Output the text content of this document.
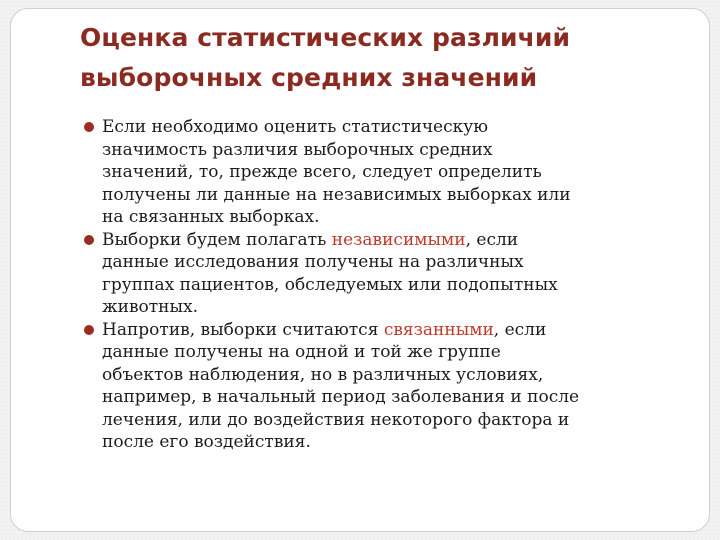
Оценка статистических различий
выборочных средних значений
Если необходимо оценить статистическую
значимость различия выборочных средних
значений, то, прежде всего, следует определить
получены ли данные на независимых выборках или
на связанных выборках.
Выборки будем полагать независимыми, если
данные исследования получены на различных
группах пациентов, обследуемых или подопытных
животных.
Напротив, выборки считаются связанными, если
данные получены на одной и той же группе
объектов наблюдения, но в различных условиях,
например, в начальный период заболевания и после
лечения, или до воздействия некоторого фактора и
после его воздействия.
